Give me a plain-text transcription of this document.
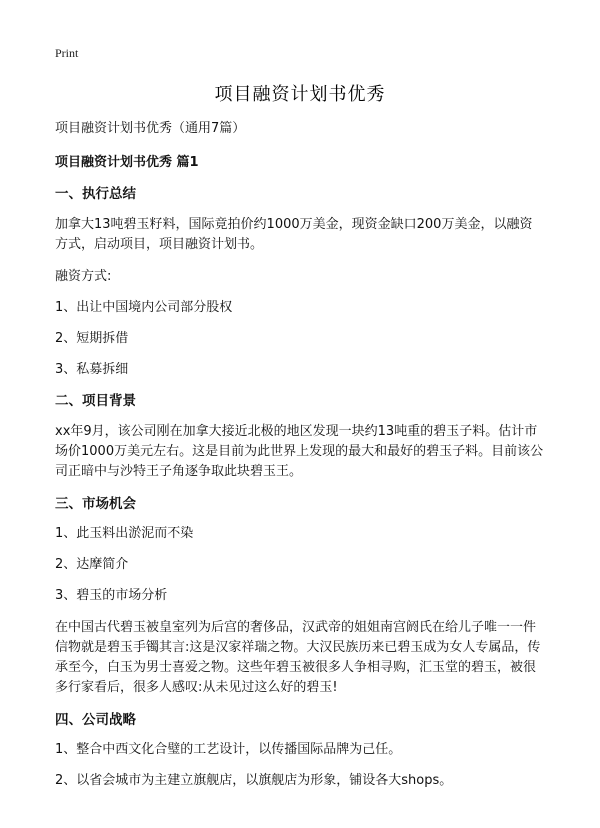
Print
项目融资计划书优秀
项目融资计划书优秀（通用7篇）
项目融资计划书优秀 篇1
一、执行总结
加拿大13吨碧玉籽料，国际竟拍价约1000万美金，现资金缺口200万美金，以融资方式，启动项目，项目融资计划书。
融资方式:
1、出让中国境内公司部分股权
2、短期拆借
3、私募拆细
二、项目背景
xx年9月，该公司刚在加拿大接近北极的地区发现一块约13吨重的碧玉子料。估计市场价1000万美元左右。这是目前为此世界上发现的最大和最好的碧玉子料。目前该公司正暗中与沙特王子角逐争取此块碧玉王。
三、市场机会
1、此玉料出淤泥而不染
2、达摩简介
3、碧玉的市场分析
在中国古代碧玉被皇室列为后宫的奢侈品，汉武帝的姐姐南宫阏氏在给儿子唯一一件信物就是碧玉手镯其言:这是汉家祥瑞之物。大汉民族历来已碧玉成为女人专属品，传承至今，白玉为男士喜爱之物。这些年碧玉被很多人争相寻购，汇玉堂的碧玉，被很多行家看后，很多人感叹:从未见过这么好的碧玉!
四、公司战略
1、整合中西文化合璧的工艺设计，以传播国际品牌为己任。
2、以省会城市为主建立旗舰店，以旗舰店为形象，铺设各大shops。
